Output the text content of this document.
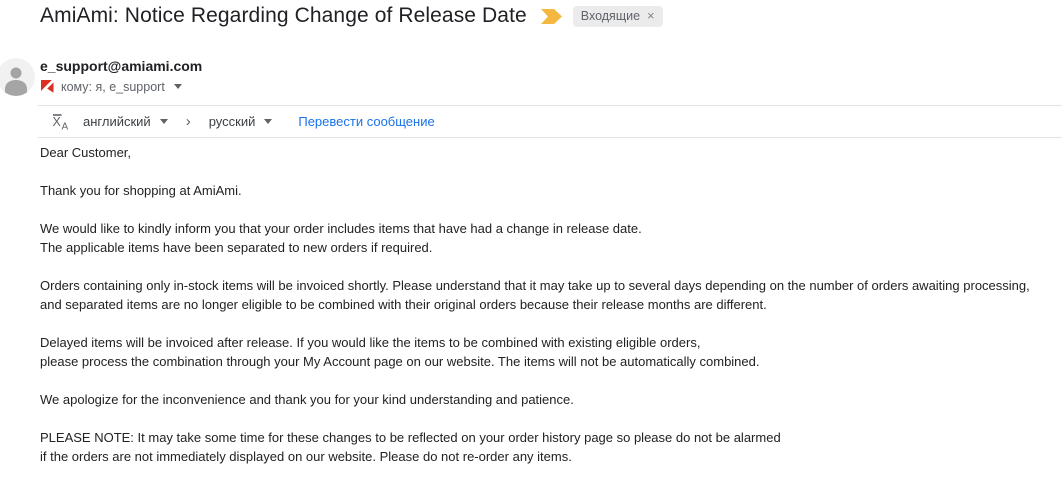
AmiAmi: Notice Regarding Change of Release Date	Входящие ×
e_support@amiami.com
кому: я, e_support
X A английский › русский	Перевести сообщение

Dear Customer,

Thank you for shopping at AmiAmi.

We would like to kindly inform you that your order includes items that have had a change in release date.
The applicable items have been separated to new orders if required.

Orders containing only in-stock items will be invoiced shortly. Please understand that it may take up to several days depending on the number of orders awaiting processing,
and separated items are no longer eligible to be combined with their original orders because their release months are different.

Delayed items will be invoiced after release. If you would like the items to be combined with existing eligible orders,
please process the combination through your My Account page on our website. The items will not be automatically combined.

We apologize for the inconvenience and thank you for your kind understanding and patience.

PLEASE NOTE: It may take some time for these changes to be reflected on your order history page so please do not be alarmed
if the orders are not immediately displayed on our website. Please do not re-order any items.
